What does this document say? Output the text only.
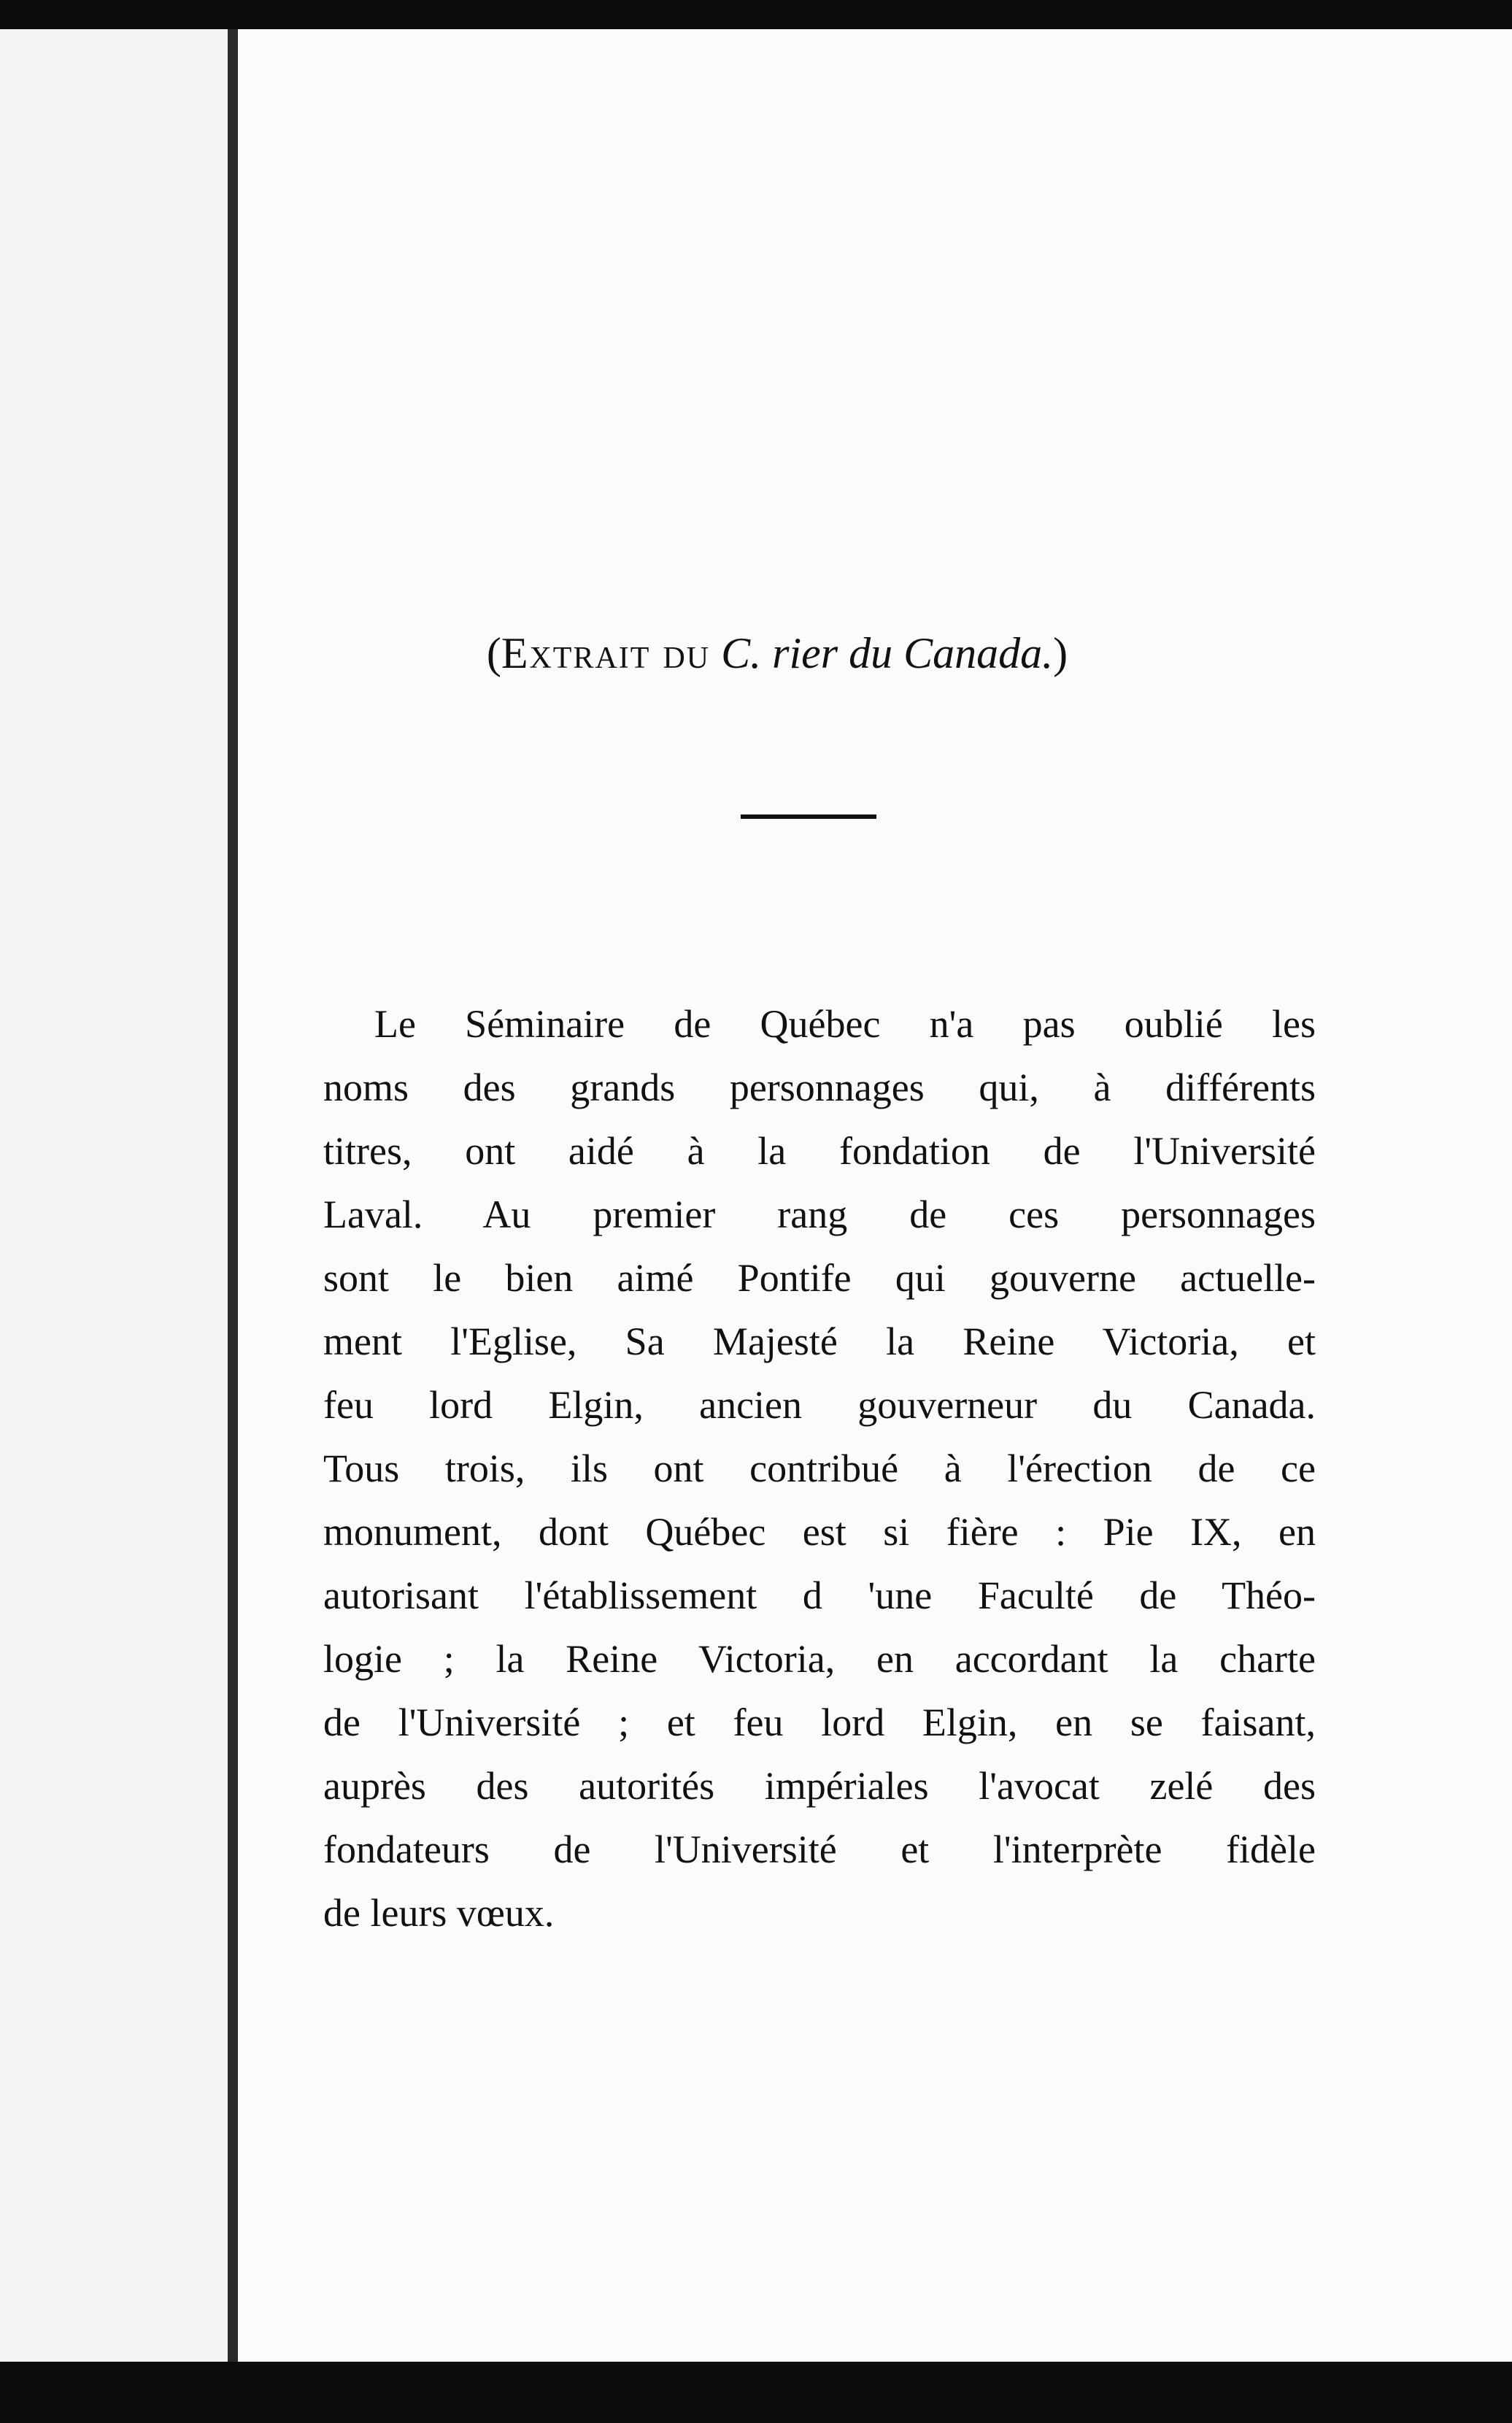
(Extrait du C. rier du Canada.)
Le Séminaire de Québec n'a pas oublié les
noms des grands personnages qui, à différents
titres, ont aidé à la fondation de l'Université
Laval. Au premier rang de ces personnages
sont le bien aimé Pontife qui gouverne actuelle-
ment l'Eglise, Sa Majesté la Reine Victoria, et
feu lord Elgin, ancien gouverneur du Canada.
Tous trois, ils ont contribué à l'érection de ce
monument, dont Québec est si fière : Pie IX, en
autorisant l'établissement d 'une Faculté de Théo-
logie ; la Reine Victoria, en accordant la charte
de l'Université ; et feu lord Elgin, en se faisant,
auprès des autorités impériales l'avocat zelé des
fondateurs de l'Université et l'interprète fidèle
de leurs vœux.
